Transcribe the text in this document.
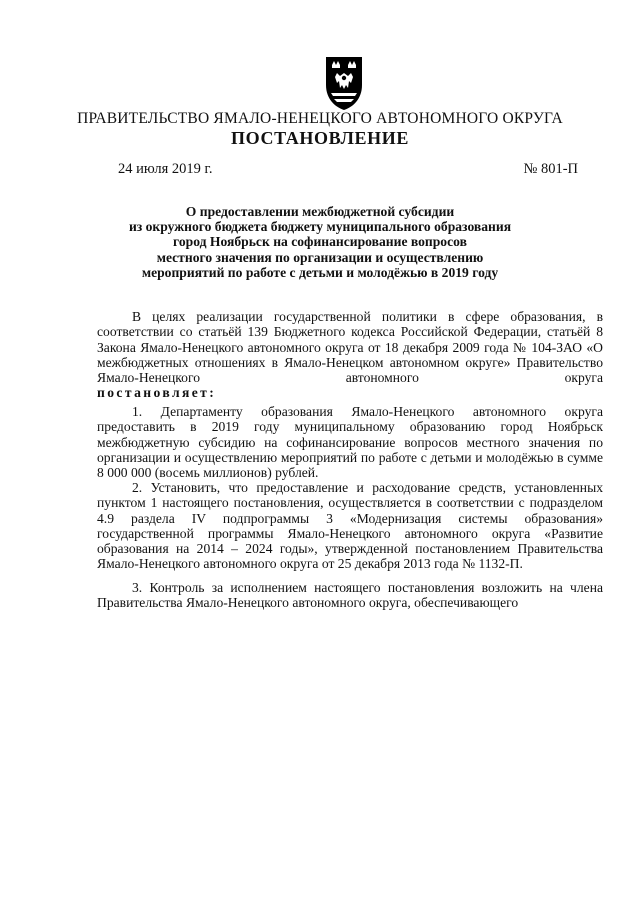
ПРАВИТЕЛЬСТВО ЯМАЛО-НЕНЕЦКОГО АВТОНОМНОГО ОКРУГА
ПОСТАНОВЛЕНИЕ
24 июля 2019 г.	№ 801-П
О предоставлении межбюджетной субсидии
из окружного бюджета бюджету муниципального образования
город Ноябрьск на софинансирование вопросов
местного значения по организации и осуществлению
мероприятий по работе с детьми и молодёжью в 2019 году

В целях реализации государственной политики в сфере образования, в соответствии со статьёй 139 Бюджетного кодекса Российской Федерации, статьёй 8 Закона Ямало-Ненецкого автономного округа от 18 декабря 2009 года № 104-ЗАО «О межбюджетных отношениях в Ямало-Ненецком автономном округе» Правительство Ямало-Ненецкого автономного округа

постановляет:

1. Департаменту образования Ямало-Ненецкого автономного округа предоставить в 2019 году муниципальному образованию город Ноябрьск межбюджетную субсидию на софинансирование вопросов местного значения по организации и осуществлению мероприятий по работе с детьми и молодёжью в сумме 8 000 000 (восемь миллионов) рублей.

2. Установить, что предоставление и расходование средств, установленных пунктом 1 настоящего постановления, осуществляется в соответствии с подразделом 4.9 раздела IV подпрограммы 3 «Модернизация системы образования» государственной программы Ямало-Ненецкого автономного округа «Развитие образования на 2014 – 2024 годы», утвержденной постановлением Правительства Ямало-Ненецкого автономного округа от 25 декабря 2013 года № 1132-П.

3. Контроль за исполнением настоящего постановления возложить на члена Правительства Ямало-Ненецкого автономного округа, обеспечивающего
